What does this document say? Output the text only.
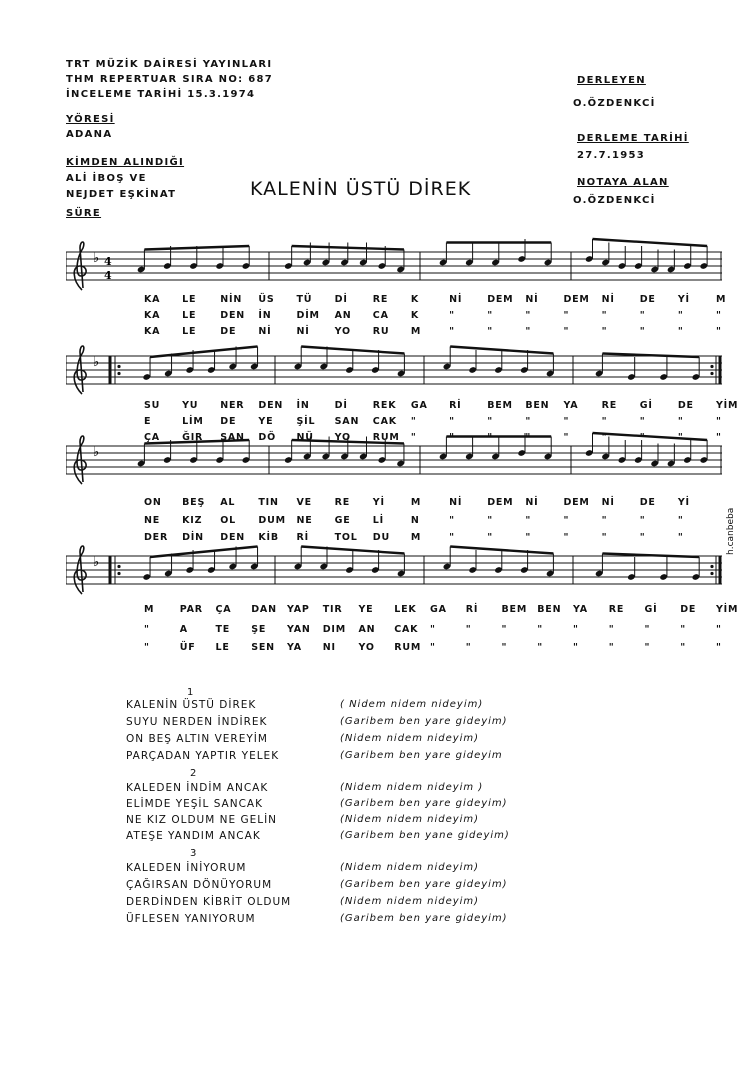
TRT MÜZİK DAİRESİ YAYINLARI
THM REPERTUAR SIRA NO: 687
İNCELEME TARİHİ 15.3.1974
YÖRESİ
ADANA
KİMDEN ALINDIĞI
ALİ İBOŞ VE
NEJDET EŞKİNAT
SÜRE
DERLEYEN
O.ÖZDENKCİ
DERLEME TARİHİ
27.7.1953
NOTAYA ALAN
O.ÖZDENKCİ
KALENİN ÜSTÜ DİREK
♭ 4
4
♭
♭
♭
KA LE	NİN ÜS TÜ Dİ	RE K	Nİ	DEM Nİ	DEM Nİ	DE Yİ	M
KA LE	DEN İN	DİM AN CA K	"	"	"	"	"	"	"	"
KA LE	DE Nİ	Nİ	YO RU M	"	"	"	"	"	"	"	"
SU YU NER DEN İN	Dİ	REK GA Rİ	BEM BEN YA RE Gİ	DE YİM
E	LİM DE YE ŞİL SAN CAK "	"	"	"	"	"	"	"	"
ÇA ĞIR SAN DÖ NÜ YO RUM "	"	"	"	"	"	"	"	"
ON BEŞ AL TIN VE RE Yİ	M	Nİ	DEM Nİ	DEM Nİ	DE Yİ
NE KIZ OL DUM NE GE Lİ	N	"	"	"	"	"	"	"
DER DİN DEN KİB Rİ	TOL DU M	"	"	"	"	"	"	"
M	PAR ÇA DAN YAP TIR YE LEK GA Rİ BEM BEN YA RE Gİ DE YİM
"	A	TE ŞE YAN DIM AN CAK "	"	"	"	"	"	"	"	"
"	ÜF LE SEN YA NI YO RUM "	"	"	"	"	"	"	"	"
h.canbeba
1
KALENİN ÜSTÜ DİREK	( Nidem nidem nideyim)
SUYU NERDEN İNDİREK	(Garibem ben yare gideyim)
ON BEŞ ALTIN VEREYİM	(Nidem nidem nideyim)
PARÇADAN YAPTIR YELEK	(Garibem ben yare gideyim
2
KALEDEN İNDİM ANCAK	(Nidem nidem nideyim )
ELİMDE YEŞİL SANCAK	(Garibem ben yare gideyim)
NE KIZ OLDUM NE GELİN	(Nidem nidem nideyim)
ATEŞE YANDIM ANCAK	(Garibem ben yane gideyim)
3
KALEDEN İNİYORUM	(Nidem nidem nideyim)
ÇAĞIRSAN DÖNÜYORUM	(Garibem ben yare gideyim)
DERDİNDEN KİBRİT OLDUM	(Nidem nidem nideyim)
ÜFLESEN YANIYORUM	(Garibem ben yare gideyim)
